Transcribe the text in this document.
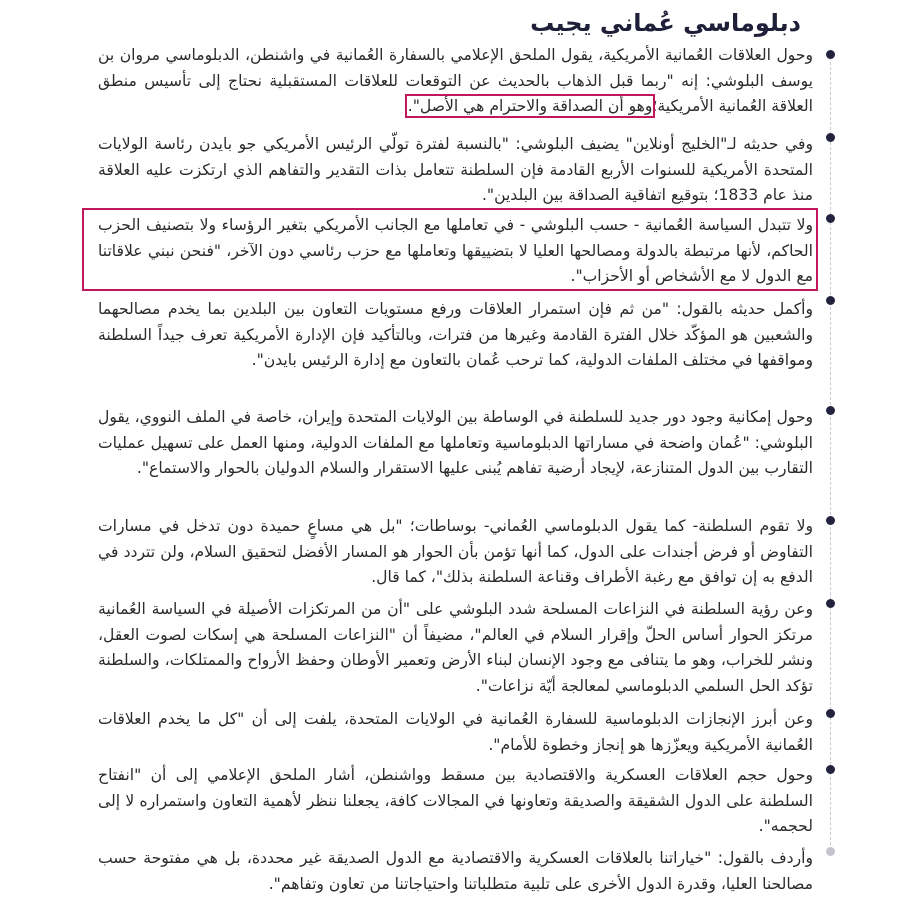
دبلوماسي عُماني يجيب

وحول العلاقات العُمانية الأمريكية، يقول الملحق الإعلامي بالسفارة العُمانية في واشنطن، الدبلوماسي مروان بن يوسف البلوشي: إنه "ربما قبل الذهاب بالحديث عن التوقعات للعلاقات المستقبلية نحتاج إلى تأسيس منطق العلاقة العُمانية الأمريكية؛وهو أن الصداقة والاحترام هي الأصل".

وفي حديثه لـ"الخليج أونلاين" يضيف البلوشي: "بالنسبة لفترة تولّي الرئيس الأمريكي جو بايدن رئاسة الولايات المتحدة الأمريكية للسنوات الأربع القادمة فإن السلطنة تتعامل بذات التقدير والتفاهم الذي ارتكزت عليه العلاقة منذ عام 1833؛ بتوقيع اتفاقية الصداقة بين البلدين".

ولا تتبدل السياسة العُمانية - حسب البلوشي - في تعاملها مع الجانب الأمريكي بتغير الرؤساء ولا بتصنيف الحزب الحاكم، لأنها مرتبطة بالدولة ومصالحها العليا لا بتضييقها وتعاملها مع حزب رئاسي دون الآخر، "فنحن نبني علاقاتنا مع الدول لا مع الأشخاص أو الأحزاب".

وأكمل حديثه بالقول: "من ثم فإن استمرار العلاقات ورفع مستويات التعاون بين البلدين بما يخدم مصالحهما والشعبين هو المؤكّد خلال الفترة القادمة وغيرها من فترات، وبالتأكيد فإن الإدارة الأمريكية تعرف جيداً السلطنة ومواقفها في مختلف الملفات الدولية، كما ترحب عُمان بالتعاون مع إدارة الرئيس بايدن".

وحول إمكانية وجود دور جديد للسلطنة في الوساطة بين الولايات المتحدة وإيران، خاصة في الملف النووي، يقول البلوشي: "عُمان واضحة في مساراتها الدبلوماسية وتعاملها مع الملفات الدولية، ومنها العمل على تسهيل عمليات التقارب بين الدول المتنازعة، لإيجاد أرضية تفاهم يُبنى عليها الاستقرار والسلام الدوليان بالحوار والاستماع".

ولا تقوم السلطنة- كما يقول الدبلوماسي العُماني- بوساطات؛ "بل هي مساعٍ حميدة دون تدخل في مسارات التفاوض أو فرض أجندات على الدول، كما أنها تؤمن بأن الحوار هو المسار الأفضل لتحقيق السلام، ولن تتردد في الدفع به إن توافق مع رغبة الأطراف وقناعة السلطنة بذلك"، كما قال.

وعن رؤية السلطنة في النزاعات المسلحة شدد البلوشي على "أن من المرتكزات الأصيلة في السياسة العُمانية مرتكز الحوار أساس الحلّ وإقرار السلام في العالم"، مضيفاً أن "النزاعات المسلحة هي إسكات لصوت العقل، ونشر للخراب، وهو ما يتنافى مع وجود الإنسان لبناء الأرض وتعمير الأوطان وحفظ الأرواح والممتلكات، والسلطنة تؤكد الحل السلمي الدبلوماسي لمعالجة أيّة نزاعات".

وعن أبرز الإنجازات الدبلوماسية للسفارة العُمانية في الولايات المتحدة، يلفت إلى أن "كل ما يخدم العلاقات العُمانية الأمريكية ويعزّزها هو إنجاز وخطوة للأمام".

وحول حجم العلاقات العسكرية والاقتصادية بين مسقط وواشنطن، أشار الملحق الإعلامي إلى أن "انفتاح السلطنة على الدول الشقيقة والصديقة وتعاونها في المجالات كافة، يجعلنا ننظر لأهمية التعاون واستمراره لا إلى لحجمه".

وأردف بالقول: "خياراتنا بالعلاقات العسكرية والاقتصادية مع الدول الصديقة غير محددة، بل هي مفتوحة حسب مصالحنا العليا، وقدرة الدول الأخرى على تلبية متطلباتنا واحتياجاتنا من تعاون وتفاهم".
